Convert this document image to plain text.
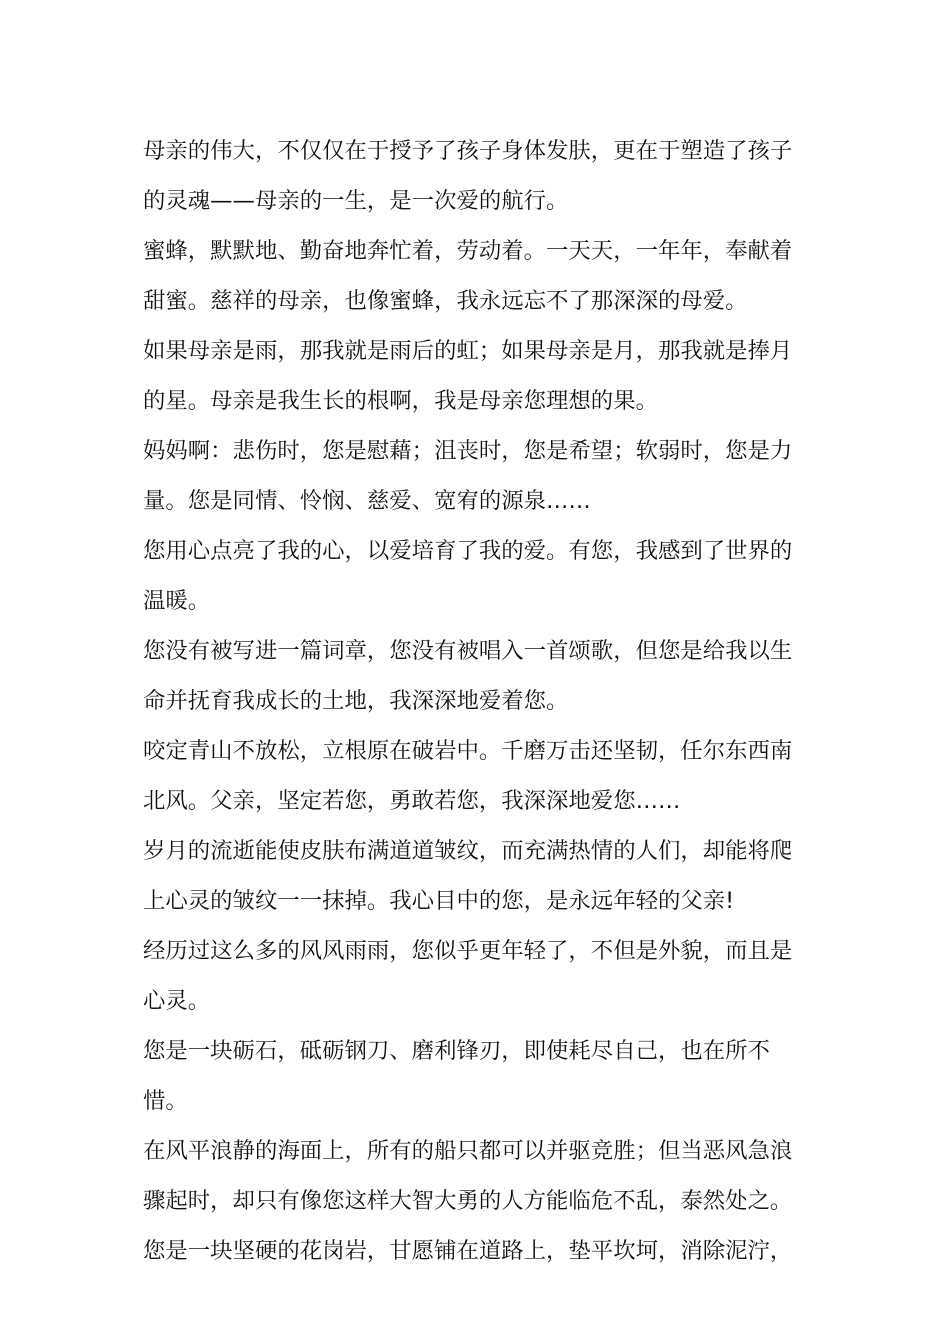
母亲的伟大，不仅仅在于授予了孩子身体发肤，更在于塑造了孩子的灵魂——母亲的一生，是一次爱的航行。

蜜蜂，默默地、勤奋地奔忙着，劳动着。一天天，一年年，奉献着甜蜜。慈祥的母亲，也像蜜蜂，我永远忘不了那深深的母爱。

如果母亲是雨，那我就是雨后的虹；如果母亲是月，那我就是捧月的星。母亲是我生长的根啊，我是母亲您理想的果。

妈妈啊：悲伤时，您是慰藉；沮丧时，您是希望；软弱时，您是力量。您是同情、怜悯、慈爱、宽宥的源泉……

您用心点亮了我的心，以爱培育了我的爱。有您，我感到了世界的温暖。

您没有被写进一篇词章，您没有被唱入一首颂歌，但您是给我以生命并抚育我成长的土地，我深深地爱着您。

咬定青山不放松，立根原在破岩中。千磨万击还坚韧，任尔东西南北风。父亲，坚定若您，勇敢若您，我深深地爱您……

岁月的流逝能使皮肤布满道道皱纹，而充满热情的人们，却能将爬上心灵的皱纹一一抹掉。我心目中的您，是永远年轻的父亲!

经历过这么多的风风雨雨，您似乎更年轻了，不但是外貌，而且是心灵。

您是一块砺石，砥砺钢刀、磨利锋刃，即使耗尽自己，也在所不惜。

在风平浪静的海面上，所有的船只都可以并驱竞胜；但当恶风急浪骤起时，却只有像您这样大智大勇的人方能临危不乱，泰然处之。

您是一块坚硬的花岗岩，甘愿铺在道路上，垫平坎坷，消除泥泞，
